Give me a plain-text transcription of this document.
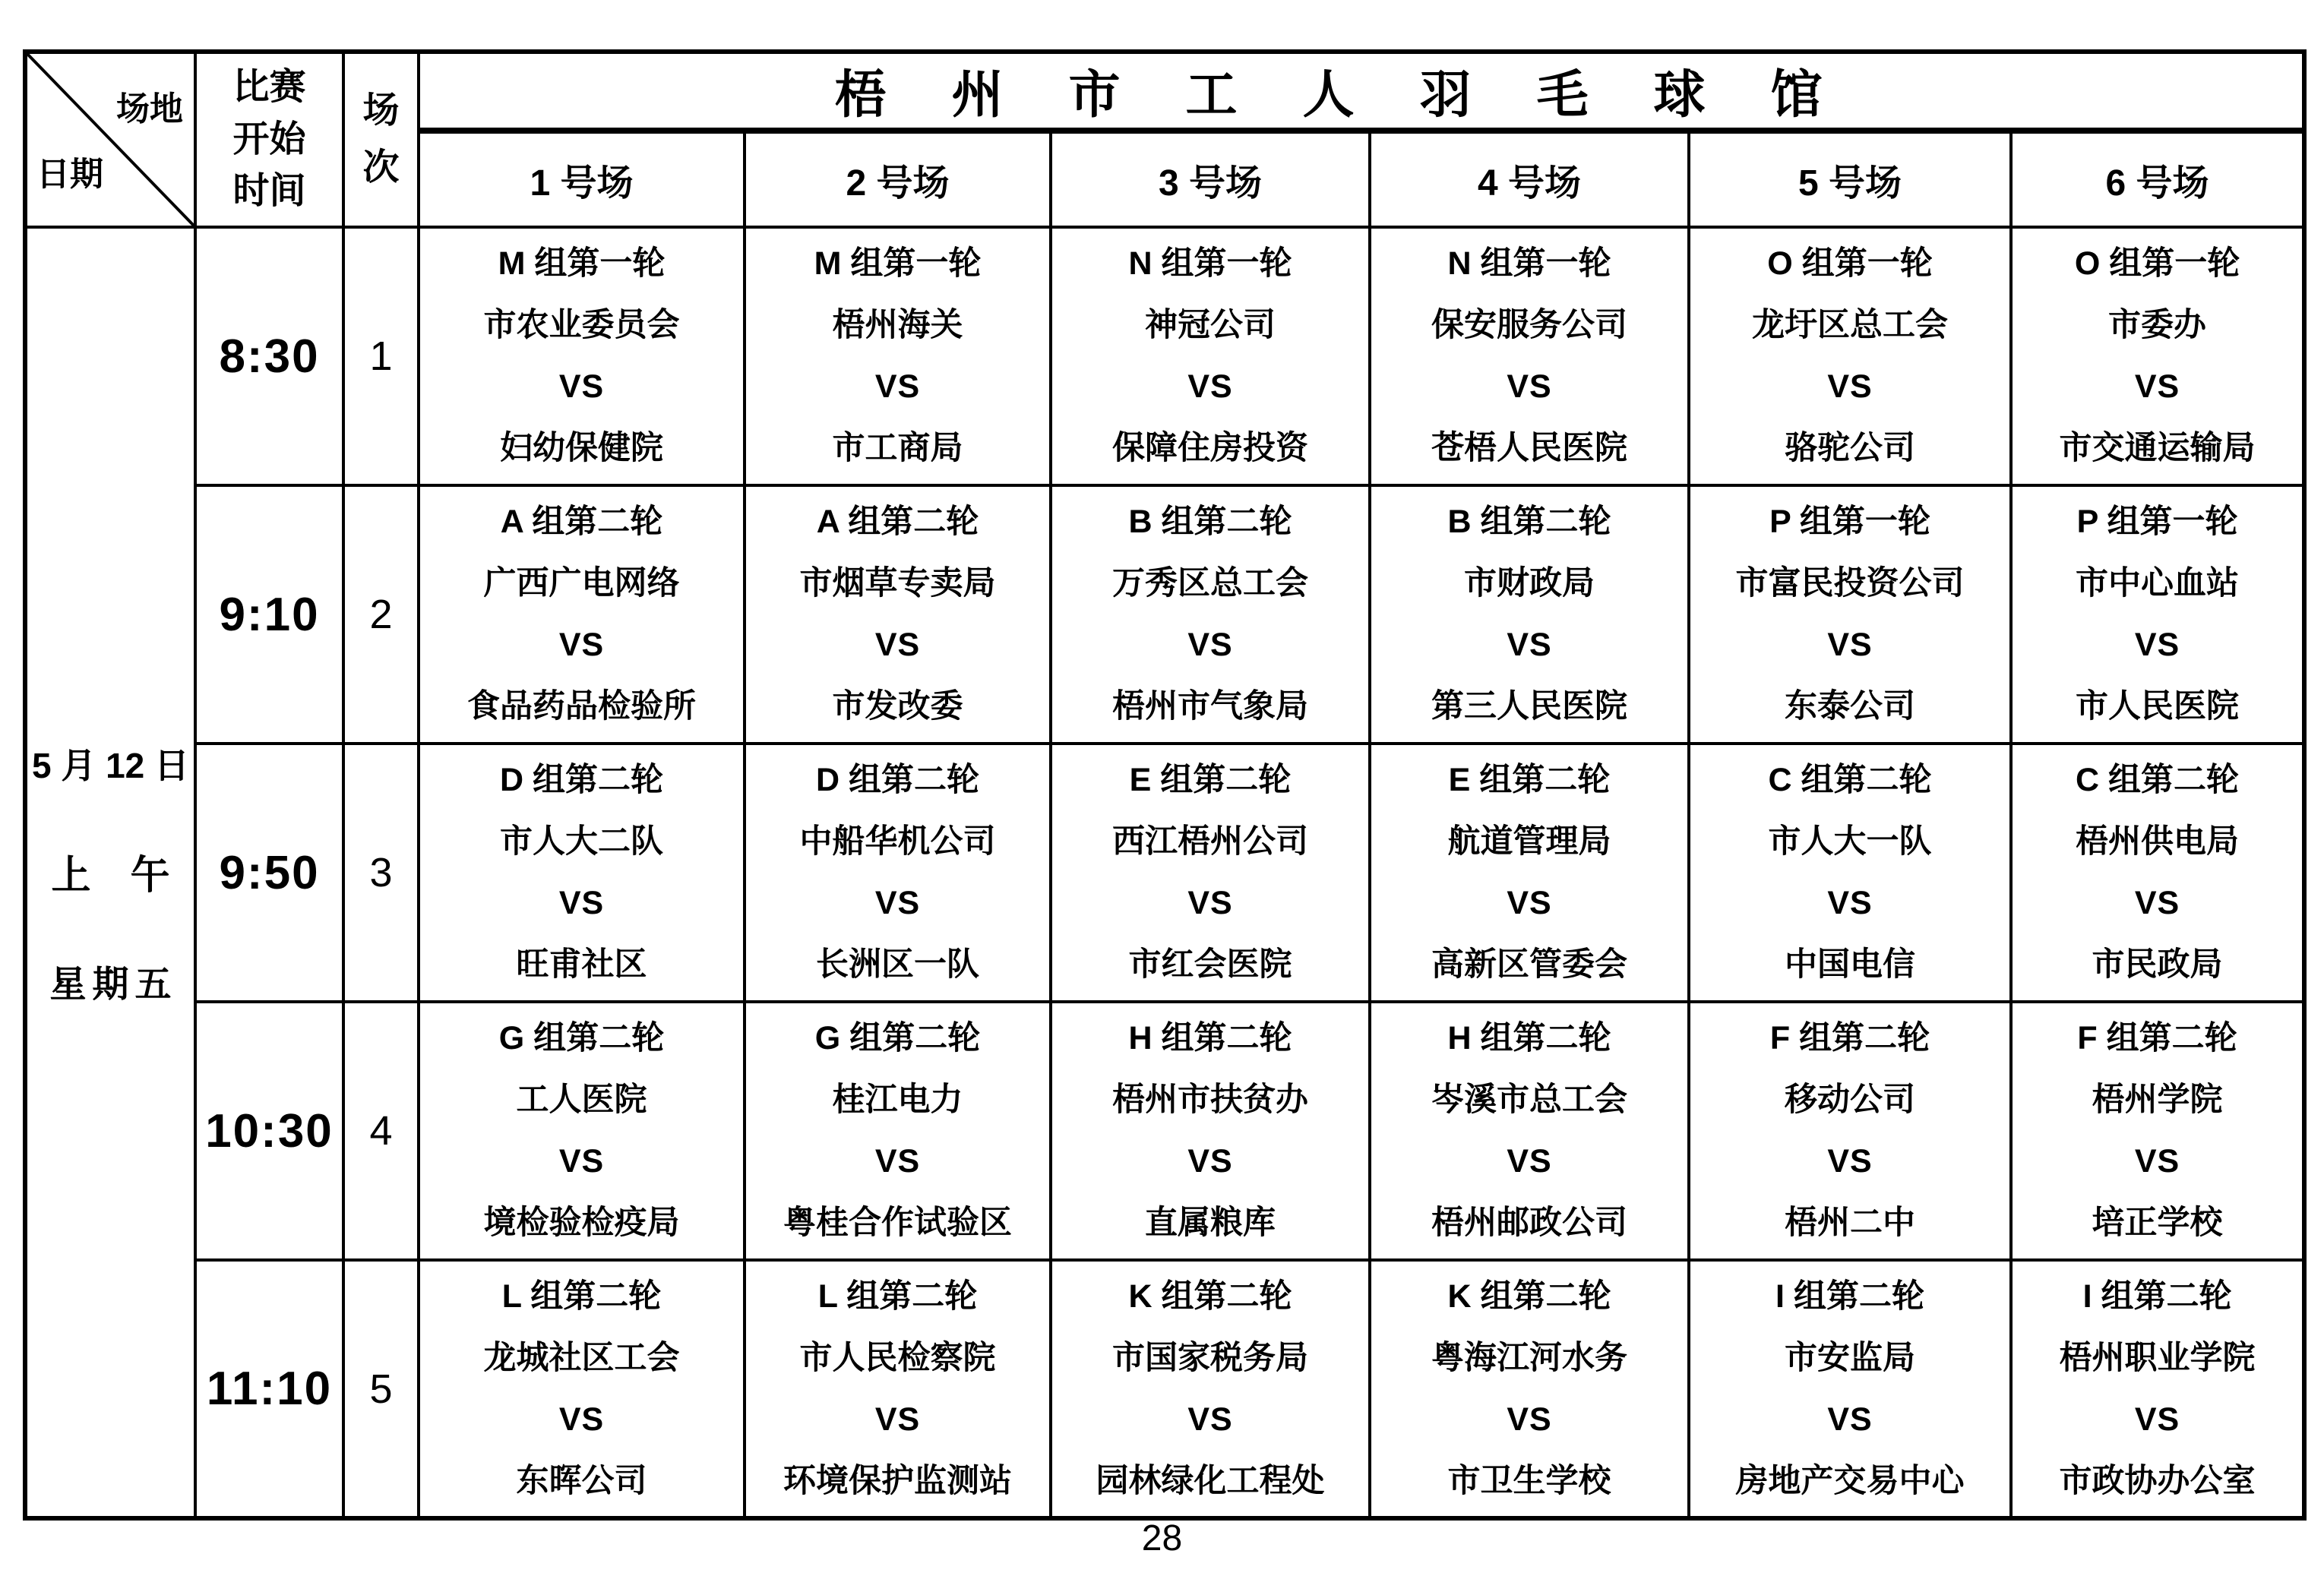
场地
日期	比赛
开始
时间	场
次	梧州市工人羽毛球馆					
			1 号场	2 号场	3 号场	4 号场	5 号场	6 号场

5 月 12 日
上　午
星期五	8:30	1	M 组第一轮
市农业委员会
VS
妇幼保健院	M 组第一轮
梧州海关
VS
市工商局	N 组第一轮
神冠公司
VS
保障住房投资	N 组第一轮
保安服务公司
VS
苍梧人民医院	O 组第一轮
龙圩区总工会
VS
骆驼公司	O 组第一轮
市委办
VS
市交通运输局

	9:10	2	A 组第二轮
广西广电网络
VS
食品药品检验所	A 组第二轮
市烟草专卖局
VS
市发改委	B 组第二轮
万秀区总工会
VS
梧州市气象局	B 组第二轮
市财政局
VS
第三人民医院	P 组第一轮
市富民投资公司
VS
东泰公司	P 组第一轮
市中心血站
VS
市人民医院

	9:50	3	D 组第二轮
市人大二队
VS
旺甫社区	D 组第二轮
中船华机公司
VS
长洲区一队	E 组第二轮
西江梧州公司
VS
市红会医院	E 组第二轮
航道管理局
VS
高新区管委会	C 组第二轮
市人大一队
VS
中国电信	C 组第二轮
梧州供电局
VS
市民政局

	10:30	4	G 组第二轮
工人医院
VS
境检验检疫局	G 组第二轮
桂江电力
VS
粤桂合作试验区	H 组第二轮
梧州市扶贫办
VS
直属粮库	H 组第二轮
岑溪市总工会
VS
梧州邮政公司	F 组第二轮
移动公司
VS
梧州二中	F 组第二轮
梧州学院
VS
培正学校

	11:10	5	L 组第二轮
龙城社区工会
VS
东晖公司	L 组第二轮
市人民检察院
VS
环境保护监测站	K 组第二轮
市国家税务局
VS
园林绿化工程处	K 组第二轮
粤海江河水务
VS
市卫生学校	I 组第二轮
市安监局
VS
房地产交易中心	I 组第二轮
梧州职业学院
VS
市政协办公室
28
